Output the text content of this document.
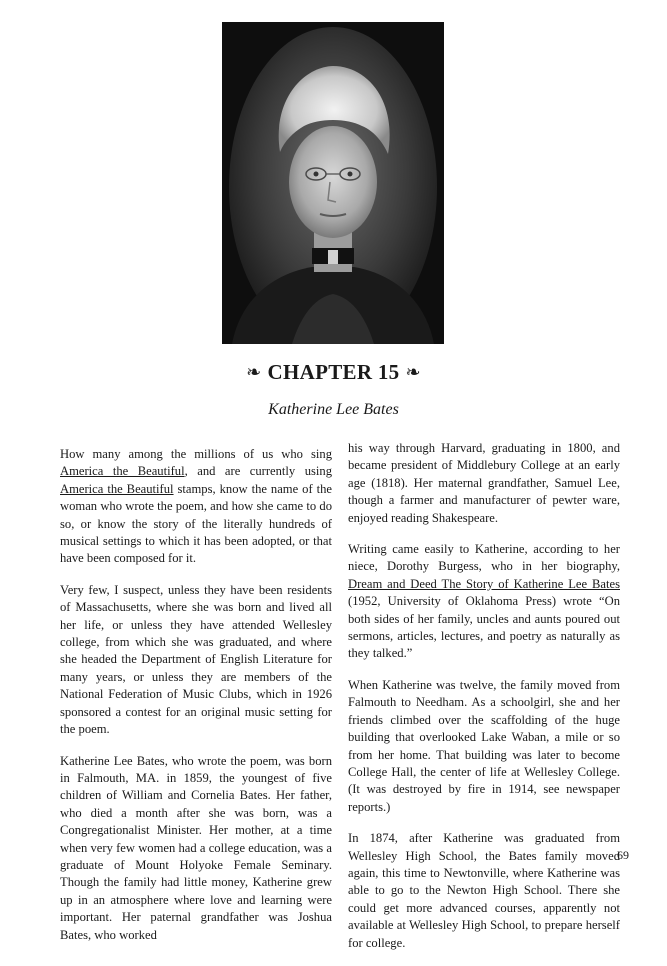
❧ CHAPTER 15 ❧
Katherine Lee Bates

How many among the millions of us who sing America the Beautiful, and are currently using America the Beautiful stamps, know the name of the woman who wrote the poem, and how she came to do so, or know the story of the literally hundreds of musical settings to which it has been adopted, or that have been composed for it.

Very few, I suspect, unless they have been residents of Massachusetts, where she was born and lived all her life, or unless they have attended Wellesley college, from which she was graduated, and where she headed the Department of English Literature for many years, or unless they are members of the National Federation of Music Clubs, which in 1926 sponsored a contest for an original music setting for the poem.

Katherine Lee Bates, who wrote the poem, was born in Falmouth, MA. in 1859, the youngest of five children of William and Cornelia Bates. Her father, who died a month after she was born, was a Congregationalist Minister. Her mother, at a time when very few women had a college education, was a graduate of Mount Holyoke Female Seminary. Though the family had little money, Katherine grew up in an atmosphere where love and learning were important. Her paternal grandfather was Joshua Bates, who worked

his way through Harvard, graduating in 1800, and became president of Middlebury College at an early age (1818). Her maternal grandfather, Samuel Lee, though a farmer and manufacturer of pewter ware, enjoyed reading Shakespeare.

Writing came easily to Katherine, according to her niece, Dorothy Burgess, who in her biography, Dream and Deed The Story of Katherine Lee Bates (1952, University of Oklahoma Press) wrote “On both sides of her family, uncles and aunts poured out sermons, articles, lectures, and poetry as naturally as they talked.”

When Katherine was twelve, the family moved from Falmouth to Needham. As a schoolgirl, she and her friends climbed over the scaffolding of the huge building that overlooked Lake Waban, a mile or so from her home. That building was later to become College Hall, the center of life at Wellesley College. (It was destroyed by fire in 1914, see newspaper reports.)

In 1874, after Katherine was graduated from Wellesley High School, the Bates family moved again, this time to Newtonville, where Katherine was able to go to the Newton High School. There she could get more advanced courses, apparently not available at Wellesley High School, to prepare herself for college.

69
